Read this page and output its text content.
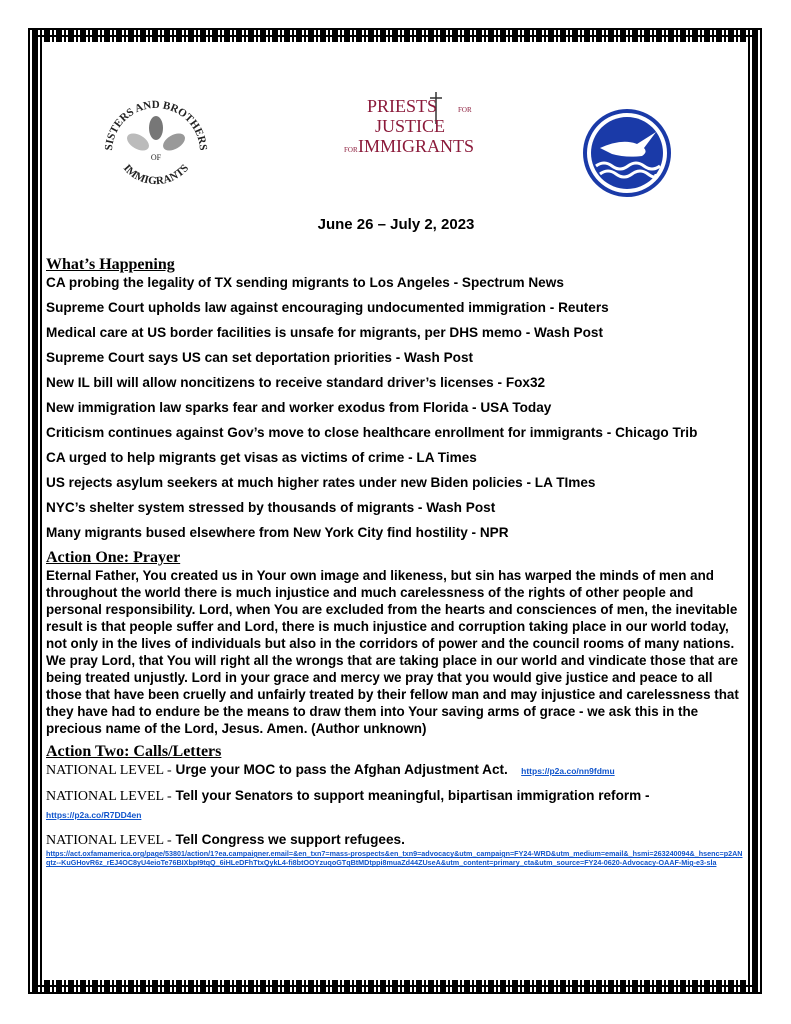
SISTERS AND BROTHERS
IMMIGRANTS
OF
PRIESTS	FOR
JUSTICE
FOR IMMIGRANTS
June 26 – July 2, 2023
What’s Happening
CA probing the legality of TX sending migrants to Los Angeles - Spectrum News
Supreme Court upholds law against encouraging undocumented immigration - Reuters
Medical care at US border facilities is unsafe for migrants, per DHS memo - Wash Post
Supreme Court says US can set deportation priorities - Wash Post
New IL bill will allow noncitizens to receive standard driver’s licenses - Fox32
New immigration law sparks fear and worker exodus from Florida - USA Today
Criticism continues against Gov’s move to close healthcare enrollment for immigrants - Chicago Trib
CA urged to help migrants get visas as victims of crime - LA Times
US rejects asylum seekers at much higher rates under new Biden policies - LA TImes
NYC’s shelter system stressed by thousands of migrants - Wash Post
Many migrants bused elsewhere from New York City find hostility - NPR
Action One: Prayer
Eternal Father, You created us in Your own image and likeness, but sin has warped the minds of men and throughout the world there is much injustice and much carelessness of the rights of other people and personal responsibility. Lord, when You are excluded from the hearts and consciences of men, the inevitable result is that people suffer and Lord, there is much injustice and corruption taking place in our world today, not only in the lives of individuals but also in the corridors of power and the council rooms of many nations. We pray Lord, that You will right all the wrongs that are taking place in our world and vindicate those that are being treated unjustly. Lord in your grace and mercy we pray that you would give justice and peace to all those that have been cruelly and unfairly treated by their fellow man and may injustice and carelessness that they have had to endure be the means to draw them into Your saving arms of grace - we ask this in the precious name of the Lord, Jesus. Amen. (Author unknown)
Action Two: Calls/Letters
NATIONAL LEVEL - Urge your MOC to pass the Afghan Adjustment Act. https://p2a.co/nn9fdmu
NATIONAL LEVEL - Tell your Senators to support meaningful, bipartisan immigration reform -
https://p2a.co/R7DD4en
NATIONAL LEVEL - Tell Congress we support refugees.
https://act.oxfamamerica.org/page/53801/action/1?ea.campaigner.email=&en_txn7=mass-prospects&en_txn9=advocacy&utm_campaign=FY24-WRD&utm_medium=email&_hsmi=263240094&_hsenc=p2ANqtz--KuGHovR6z_rEJ4OC8yU4eioTe76BIXbpI9tqQ_6iHLeDFhTtxQykL4-fi8btOOYzuqoGTqBtMDtppi8muaZd44ZUseA&utm_content=primary_cta&utm_source=FY24-0620-Advocacy-OAAF-Mig-e3-sla
